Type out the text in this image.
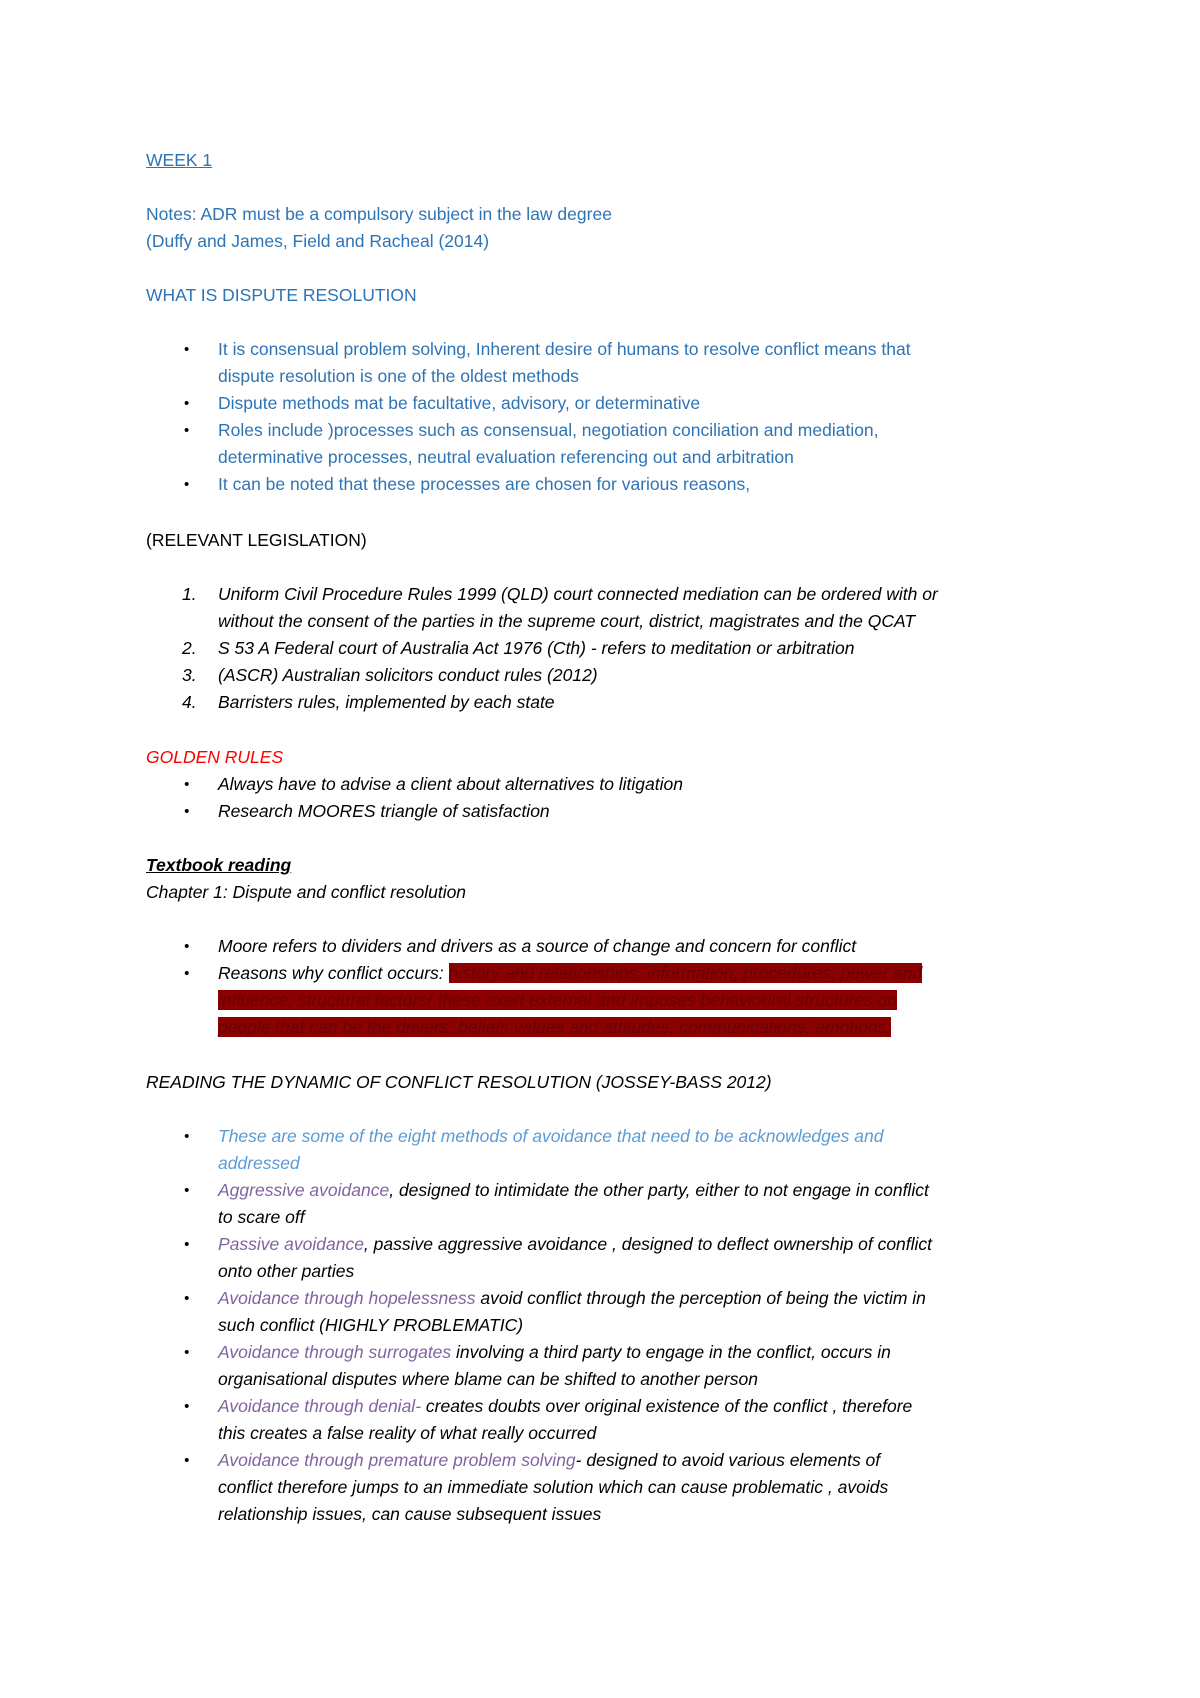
WEEK 1
Notes: ADR must be a compulsory subject in the law degree
(Duffy and James, Field and Racheal (2014)
WHAT IS DISPUTE RESOLUTION
• It is consensual problem solving, Inherent desire of humans to resolve conflict means that
dispute resolution is one of the oldest methods
• Dispute methods mat be facultative, advisory, or determinative
• Roles include )processes such as consensual, negotiation conciliation and mediation,
determinative processes, neutral evaluation referencing out and arbitration
• It can be noted that these processes are chosen for various reasons,
(RELEVANT LEGISLATION)
1. Uniform Civil Procedure Rules 1999 (QLD) court connected mediation can be ordered with or
without the consent of the parties in the supreme court, district, magistrates and the QCAT
2. S 53 A Federal court of Australia Act 1976 (Cth) - refers to meditation or arbitration
3. (ASCR) Australian solicitors conduct rules (2012)
4. Barristers rules, implemented by each state
GOLDEN RULES
• Always have to advise a client about alternatives to litigation
• Research MOORES triangle of satisfaction
Textbook reading
Chapter 1: Dispute and conflict resolution
• Moore refers to dividers and drivers as a source of change and concern for conflict
• Reasons why conflict occurs: history and relationships, information, procedures, power and
influence, structural factors( these exert external and imposes behavioural structures on
people that can be the drivers, beliefs values and attitudes, communications, emotions,
READING THE DYNAMIC OF CONFLICT RESOLUTION (JOSSEY-BASS 2012)
• These are some of the eight methods of avoidance that need to be acknowledges and
addressed
• Aggressive avoidance, designed to intimidate the other party, either to not engage in conflict
to scare off
• Passive avoidance, passive aggressive avoidance , designed to deflect ownership of conflict
onto other parties
• Avoidance through hopelessness avoid conflict through the perception of being the victim in
such conflict (HIGHLY PROBLEMATIC)
• Avoidance through surrogates involving a third party to engage in the conflict, occurs in
organisational disputes where blame can be shifted to another person
• Avoidance through denial- creates doubts over original existence of the conflict , therefore
this creates a false reality of what really occurred
• Avoidance through premature problem solving- designed to avoid various elements of
conflict therefore jumps to an immediate solution which can cause problematic , avoids
relationship issues, can cause subsequent issues
